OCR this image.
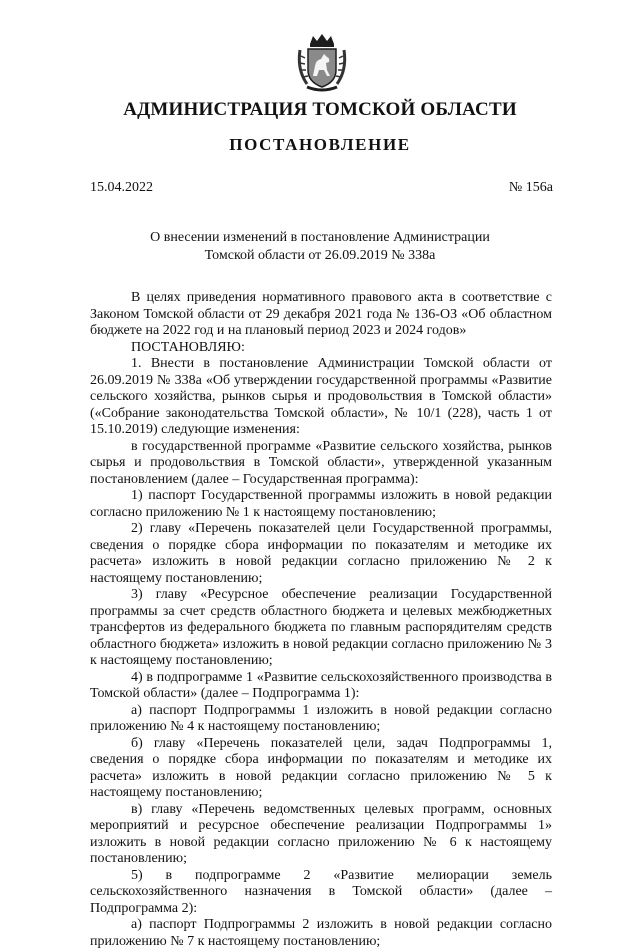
АДМИНИСТРАЦИЯ ТОМСКОЙ ОБЛАСТИ
ПОСТАНОВЛЕНИЕ
15.04.2022	№ 156а
О внесении изменений в постановление Администрации
Томской области от 26.09.2019 № 338а

В целях приведения нормативного правового акта в соответствие с Законом Томской области от 29 декабря 2021 года № 136-ОЗ «Об областном бюджете на 2022 год и на плановый период 2023 и 2024 годов»

ПОСТАНОВЛЯЮ:

1. Внести в постановление Администрации Томской области от 26.09.2019 № 338а «Об утверждении государственной программы «Развитие сельского хозяйства, рынков сырья и продовольствия в Томской области» («Собрание законодательства Томской области», № 10/1 (228), часть 1 от 15.10.2019) следующие изменения:

в государственной программе «Развитие сельского хозяйства, рынков сырья и продовольствия в Томской области», утвержденной указанным постановлением (далее – Государственная программа):

1) паспорт Государственной программы изложить в новой редакции согласно приложению № 1 к настоящему постановлению;

2) главу «Перечень показателей цели Государственной программы, сведения о порядке сбора информации по показателям и методике их расчета» изложить в новой редакции согласно приложению № 2 к настоящему постановлению;

3) главу «Ресурсное обеспечение реализации Государственной программы за счет средств областного бюджета и целевых межбюджетных трансфертов из федерального бюджета по главным распорядителям средств областного бюджета» изложить в новой редакции согласно приложению № 3 к настоящему постановлению;

4) в подпрограмме 1 «Развитие сельскохозяйственного производства в Томской области» (далее – Подпрограмма 1):

а) паспорт Подпрограммы 1 изложить в новой редакции согласно приложению № 4 к настоящему постановлению;

б) главу «Перечень показателей цели, задач Подпрограммы 1, сведения о порядке сбора информации по показателям и методике их расчета» изложить в новой редакции согласно приложению № 5 к настоящему постановлению;

в) главу «Перечень ведомственных целевых программ, основных мероприятий и ресурсное обеспечение реализации Подпрограммы 1» изложить в новой редакции согласно приложению № 6 к настоящему постановлению;

5) в подпрограмме 2 «Развитие мелиорации земель сельскохозяйственного назначения в Томской области» (далее – Подпрограмма 2):

а) паспорт Подпрограммы 2 изложить в новой редакции согласно приложению № 7 к настоящему постановлению;
